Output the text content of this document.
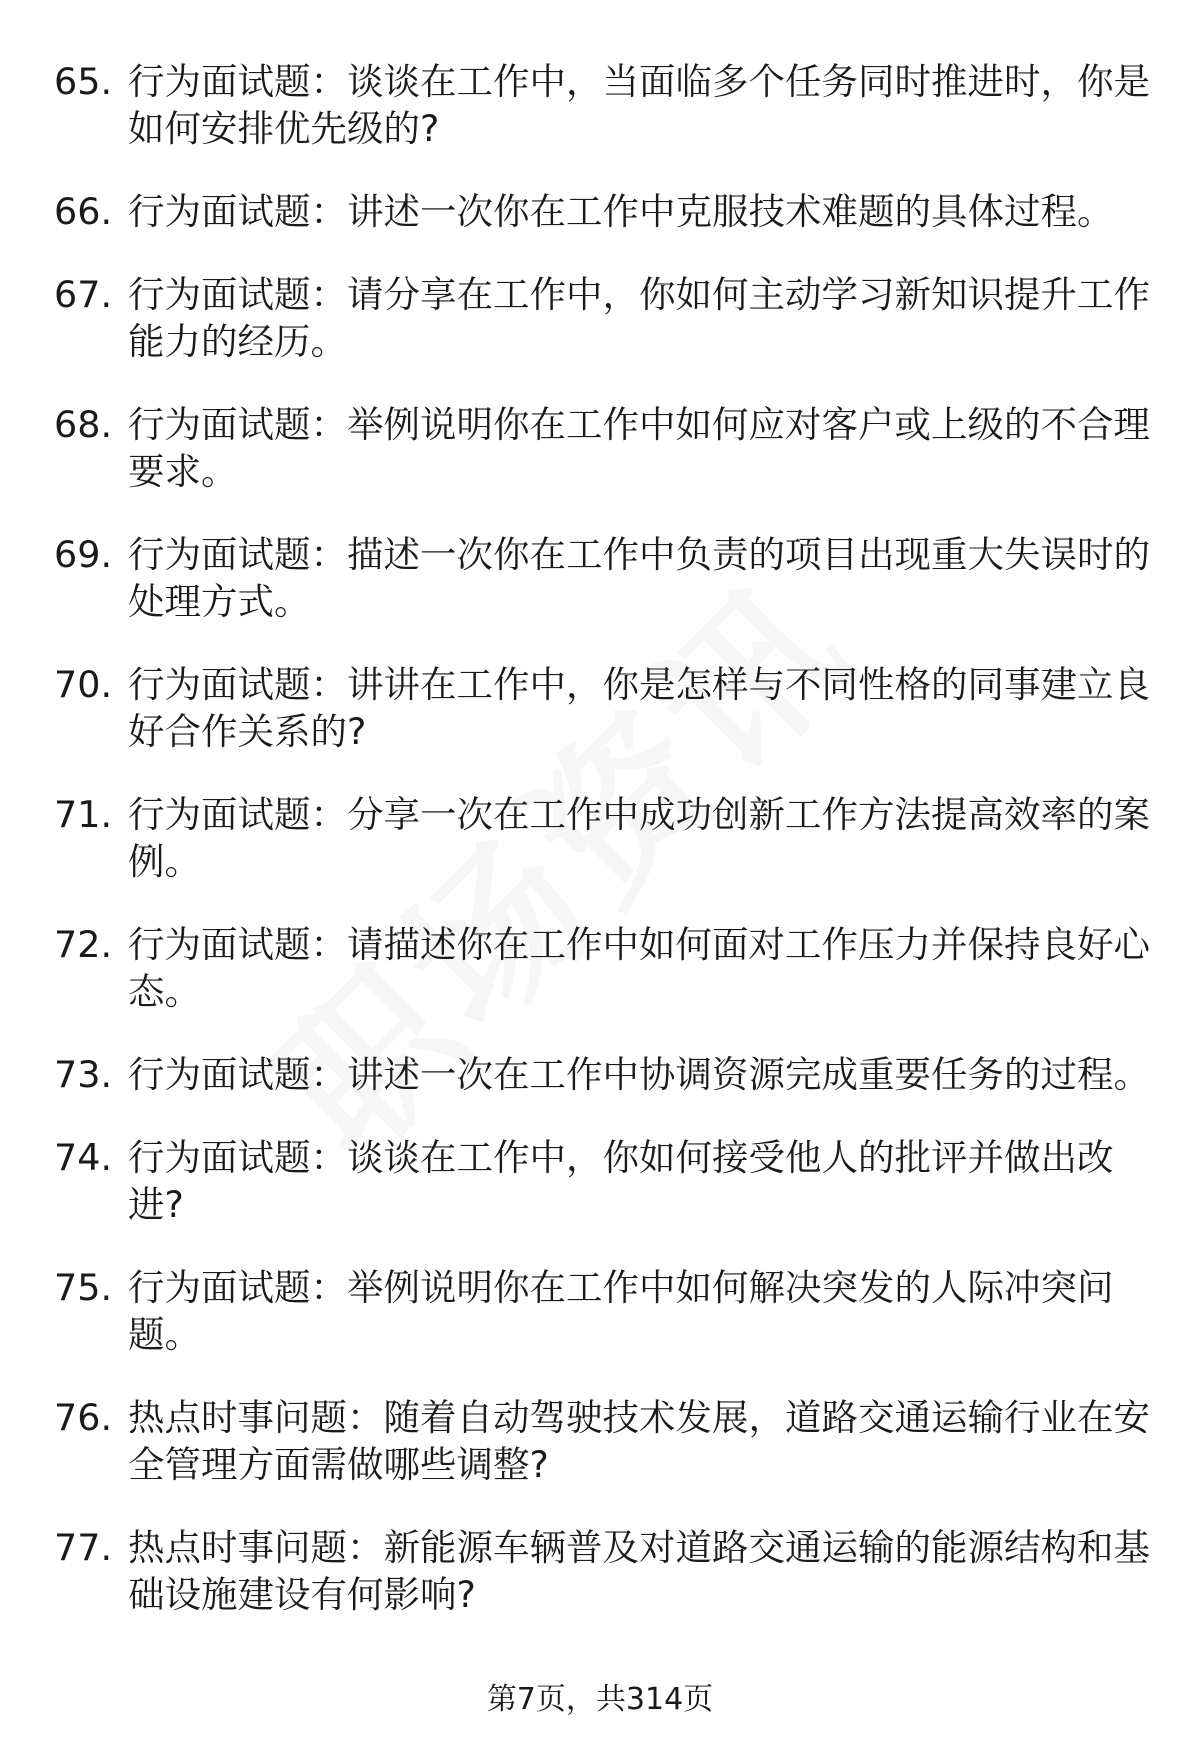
65. 行为面试题：谈谈在工作中，当面临多个任务同时推进时，你是如何安排优先级的?
66. 行为面试题：讲述一次你在工作中克服技术难题的具体过程。
67. 行为面试题：请分享在工作中，你如何主动学习新知识提升工作能力的经历。
68. 行为面试题：举例说明你在工作中如何应对客户或上级的不合理要求。
69. 行为面试题：描述一次你在工作中负责的项目出现重大失误时的处理方式。
70. 行为面试题：讲讲在工作中，你是怎样与不同性格的同事建立良好合作关系的?
71. 行为面试题：分享一次在工作中成功创新工作方法提高效率的案例。
72. 行为面试题：请描述你在工作中如何面对工作压力并保持良好心态。
73. 行为面试题：讲述一次在工作中协调资源完成重要任务的过程。
74. 行为面试题：谈谈在工作中，你如何接受他人的批评并做出改进?
75. 行为面试题：举例说明你在工作中如何解决突发的人际冲突问题。
76. 热点时事问题：随着自动驾驶技术发展，道路交通运输行业在安全管理方面需做哪些调整?
77. 热点时事问题：新能源车辆普及对道路交通运输的能源结构和基础设施建设有何影响?
第7页，共314页
